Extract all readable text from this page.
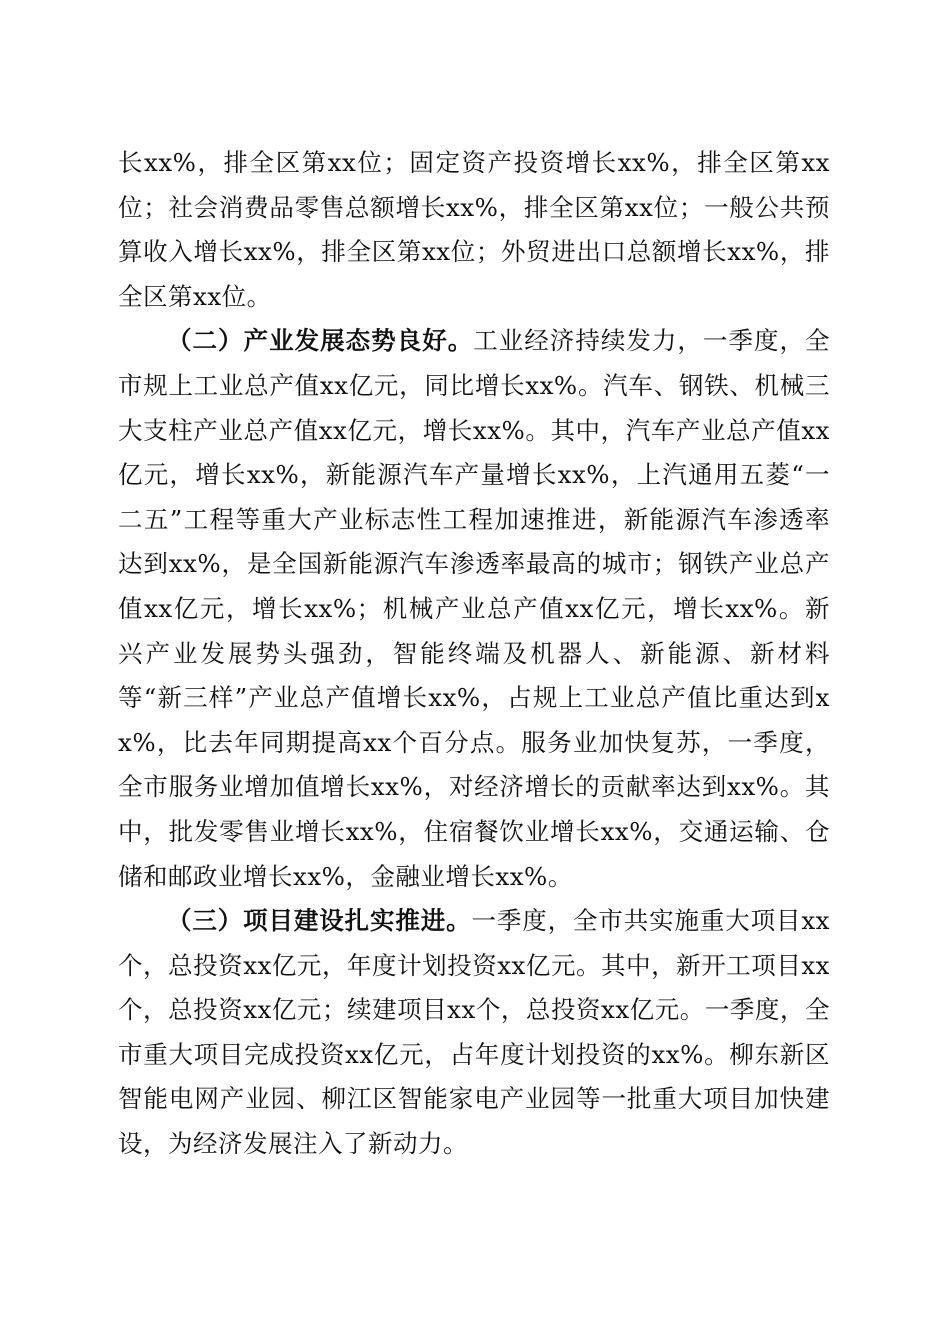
长xx%，排全区第xx位；固定资产投资增长xx%，排全区第xx位；社会消费品零售总额增长xx%，排全区第xx位；一般公共预算收入增长xx%，排全区第xx位；外贸进出口总额增长xx%，排全区第xx位。

（二）产业发展态势良好。工业经济持续发力，一季度，全市规上工业总产值xx亿元，同比增长xx%。汽车、钢铁、机械三大支柱产业总产值xx亿元，增长xx%。其中，汽车产业总产值xx亿元，增长xx%，新能源汽车产量增长xx%，上汽通用五菱“一二五”工程等重大产业标志性工程加速推进，新能源汽车渗透率达到xx%，是全国新能源汽车渗透率最高的城市；钢铁产业总产值xx亿元，增长xx%；机械产业总产值xx亿元，增长xx%。新兴产业发展势头强劲，智能终端及机器人、新能源、新材料等“新三样”产业总产值增长xx%，占规上工业总产值比重达到xx%，比去年同期提高xx个百分点。服务业加快复苏，一季度，全市服务业增加值增长xx%，对经济增长的贡献率达到xx%。其中，批发零售业增长xx%，住宿餐饮业增长xx%，交通运输、仓储和邮政业增长xx%，金融业增长xx%。

（三）项目建设扎实推进。一季度，全市共实施重大项目xx个，总投资xx亿元，年度计划投资xx亿元。其中，新开工项目xx个，总投资xx亿元；续建项目xx个，总投资xx亿元。一季度，全市重大项目完成投资xx亿元，占年度计划投资的xx%。柳东新区智能电网产业园、柳江区智能家电产业园等一批重大项目加快建设，为经济发展注入了新动力。
